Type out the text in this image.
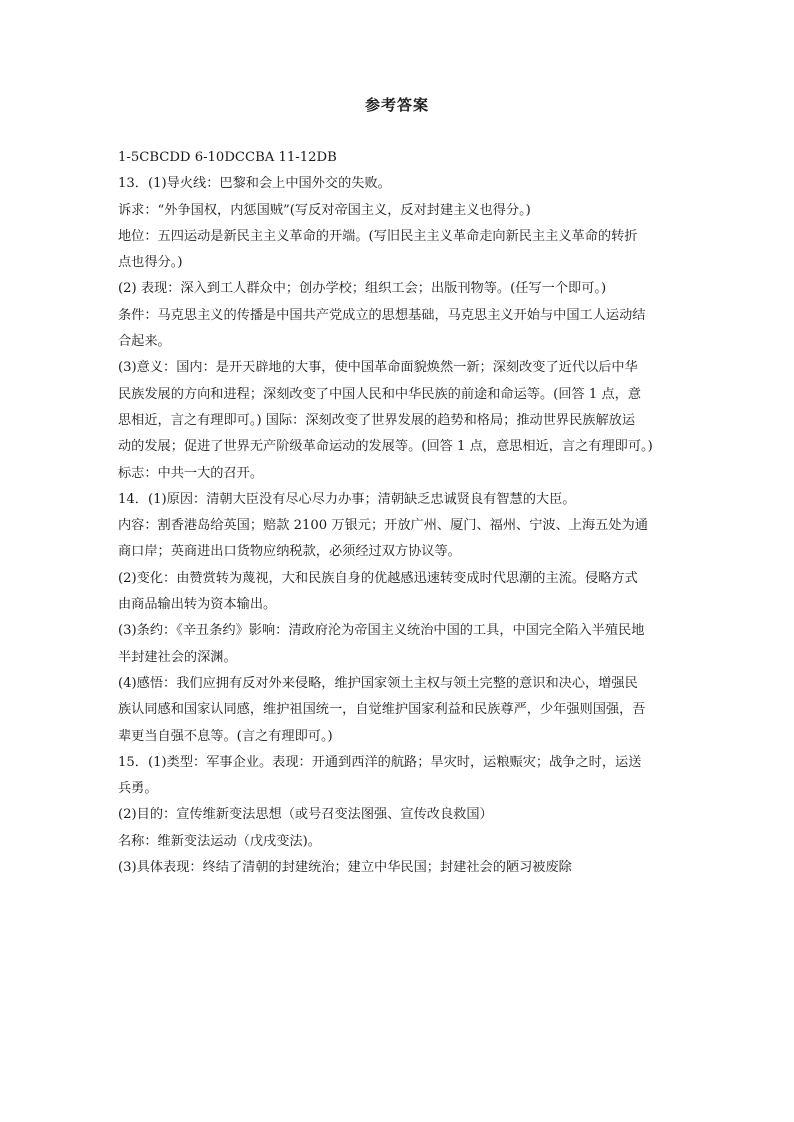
参考答案

1-5CBCDD 6-10DCCBA 11-12DB

13．(1)导火线：巴黎和会上中国外交的失败。

诉求：“外争国权，内惩国贼”(写反对帝国主义，反对封建主义也得分。)

地位：五四运动是新民主主义革命的开端。(写旧民主主义革命走向新民主主义革命的转折

点也得分。)

(2) 表现：深入到工人群众中；创办学校；组织工会；出版刊物等。(任写一个即可。)

条件：马克思主义的传播是中国共产党成立的思想基础，马克思主义开始与中国工人运动结

合起来。

(3)意义：国内：是开天辟地的大事，使中国革命面貌焕然一新；深刻改变了近代以后中华

民族发展的方向和进程；深刻改变了中国人民和中华民族的前途和命运等。(回答 1 点，意

思相近，言之有理即可。) 国际：深刻改变了世界发展的趋势和格局；推动世界民族解放运

动的发展；促进了世界无产阶级革命运动的发展等。(回答 1 点，意思相近，言之有理即可。)

标志：中共一大的召开。

14．(1)原因：清朝大臣没有尽心尽力办事；清朝缺乏忠诚贤良有智慧的大臣。

内容：割香港岛给英国；赔款 2100 万银元；开放广州、厦门、福州、宁波、上海五处为通

商口岸；英商进出口货物应纳税款，必须经过双方协议等。

(2)变化：由赞赏转为蔑视，大和民族自身的优越感迅速转变成时代思潮的主流。侵略方式

由商品输出转为资本输出。

(3)条约：《辛丑条约》影响：清政府沦为帝国主义统治中国的工具，中国完全陷入半殖民地

半封建社会的深渊。

(4)感悟：我们应拥有反对外来侵略，维护国家领土主权与领土完整的意识和决心，增强民

族认同感和国家认同感，维护祖国统一，自觉维护国家利益和民族尊严，少年强则国强，吾

辈更当自强不息等。(言之有理即可。)

15．(1)类型：军事企业。表现：开通到西洋的航路；旱灾时，运粮赈灾；战争之时，运送

兵勇。

(2)目的：宣传维新变法思想（或号召变法图强、宣传改良救国）

名称：维新变法运动（戊戌变法)。

(3)具体表现：终结了清朝的封建统治；建立中华民国；封建社会的陋习被废除
